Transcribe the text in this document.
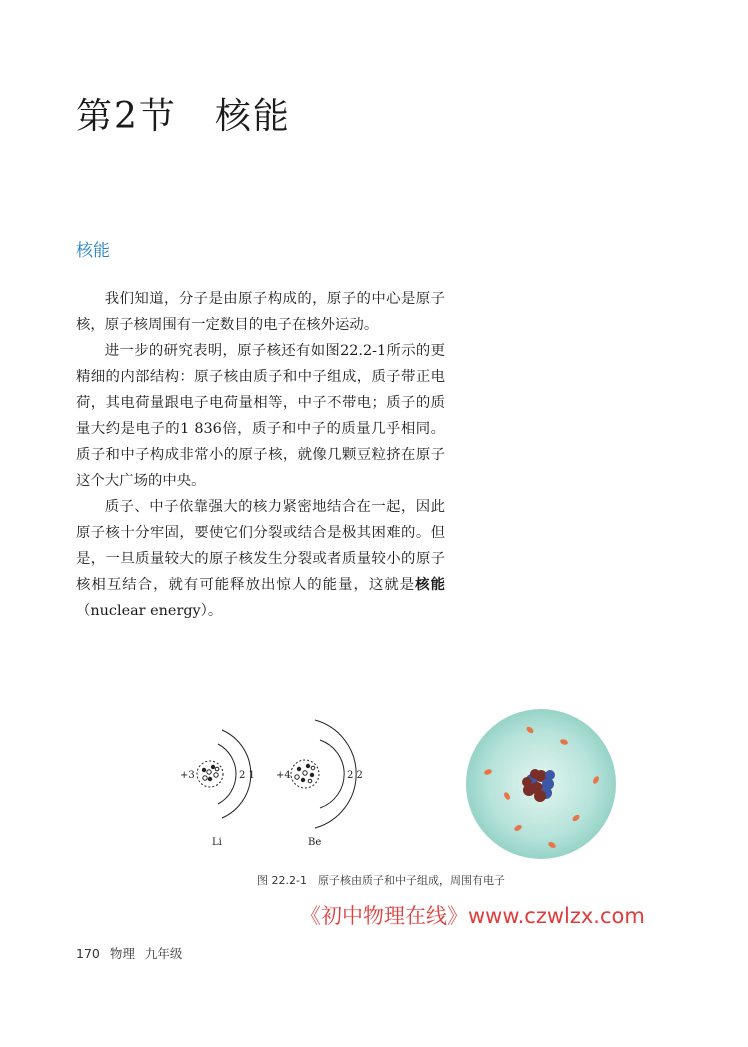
第2节　核能
核能

我们知道，分子是由原子构成的，原子的中心是原子核，原子核周围有一定数目的电子在核外运动。

进一步的研究表明，原子核还有如图22.2-1所示的更精细的内部结构：原子核由质子和中子组成，质子带正电荷，其电荷量跟电子电荷量相等，中子不带电；质子的质量大约是电子的1 836倍，质子和中子的质量几乎相同。质子和中子构成非常小的原子核，就像几颗豆粒挤在原子这个大广场的中央。

质子、中子依靠强大的核力紧密地结合在一起，因此原子核十分牢固，要使它们分裂或结合是极其困难的。但是，一旦质量较大的原子核发生分裂或者质量较小的原子核相互结合，就有可能释放出惊人的能量，这就是核能（nuclear energy）。

+3	2 1
Li
+4	2 2
Be
图 22.2-1　原子核由质子和中子组成，周围有电子
《初中物理在线》www.czwlzx.com
170 物理 九年级
